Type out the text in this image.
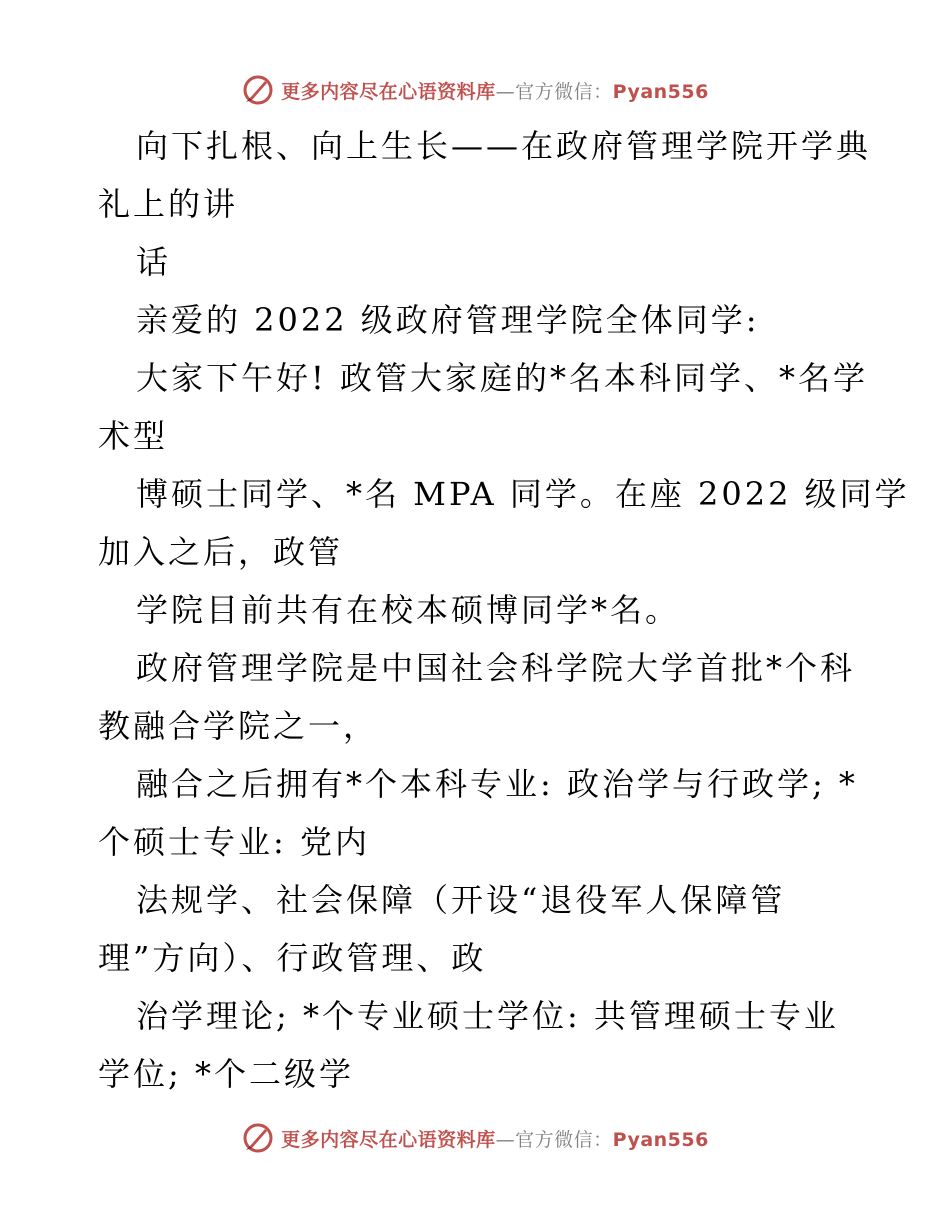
更多内容尽在心语资料库—官方微信：Pyan556

向下扎根、向上生长——在政府管理学院开学典
礼上的讲

话

亲爱的 2022 级政府管理学院全体同学:

大家下午好! 政管大家庭的*名本科同学、*名学
术型

博硕士同学、*名 MPA 同学。在座 2022 级同学
加入之后，政管

学院目前共有在校本硕博同学*名。

政府管理学院是中国社会科学院大学首批*个科
教融合学院之一，

融合之后拥有*个本科专业: 政治学与行政学; *
个硕士专业: 党内

法规学、社会保障（开设“退役军人保障管
理”方向）、行政管理、政

治学理论; *个专业硕士学位: 共管理硕士专业
学位; *个二级学

更多内容尽在心语资料库—官方微信：Pyan556
